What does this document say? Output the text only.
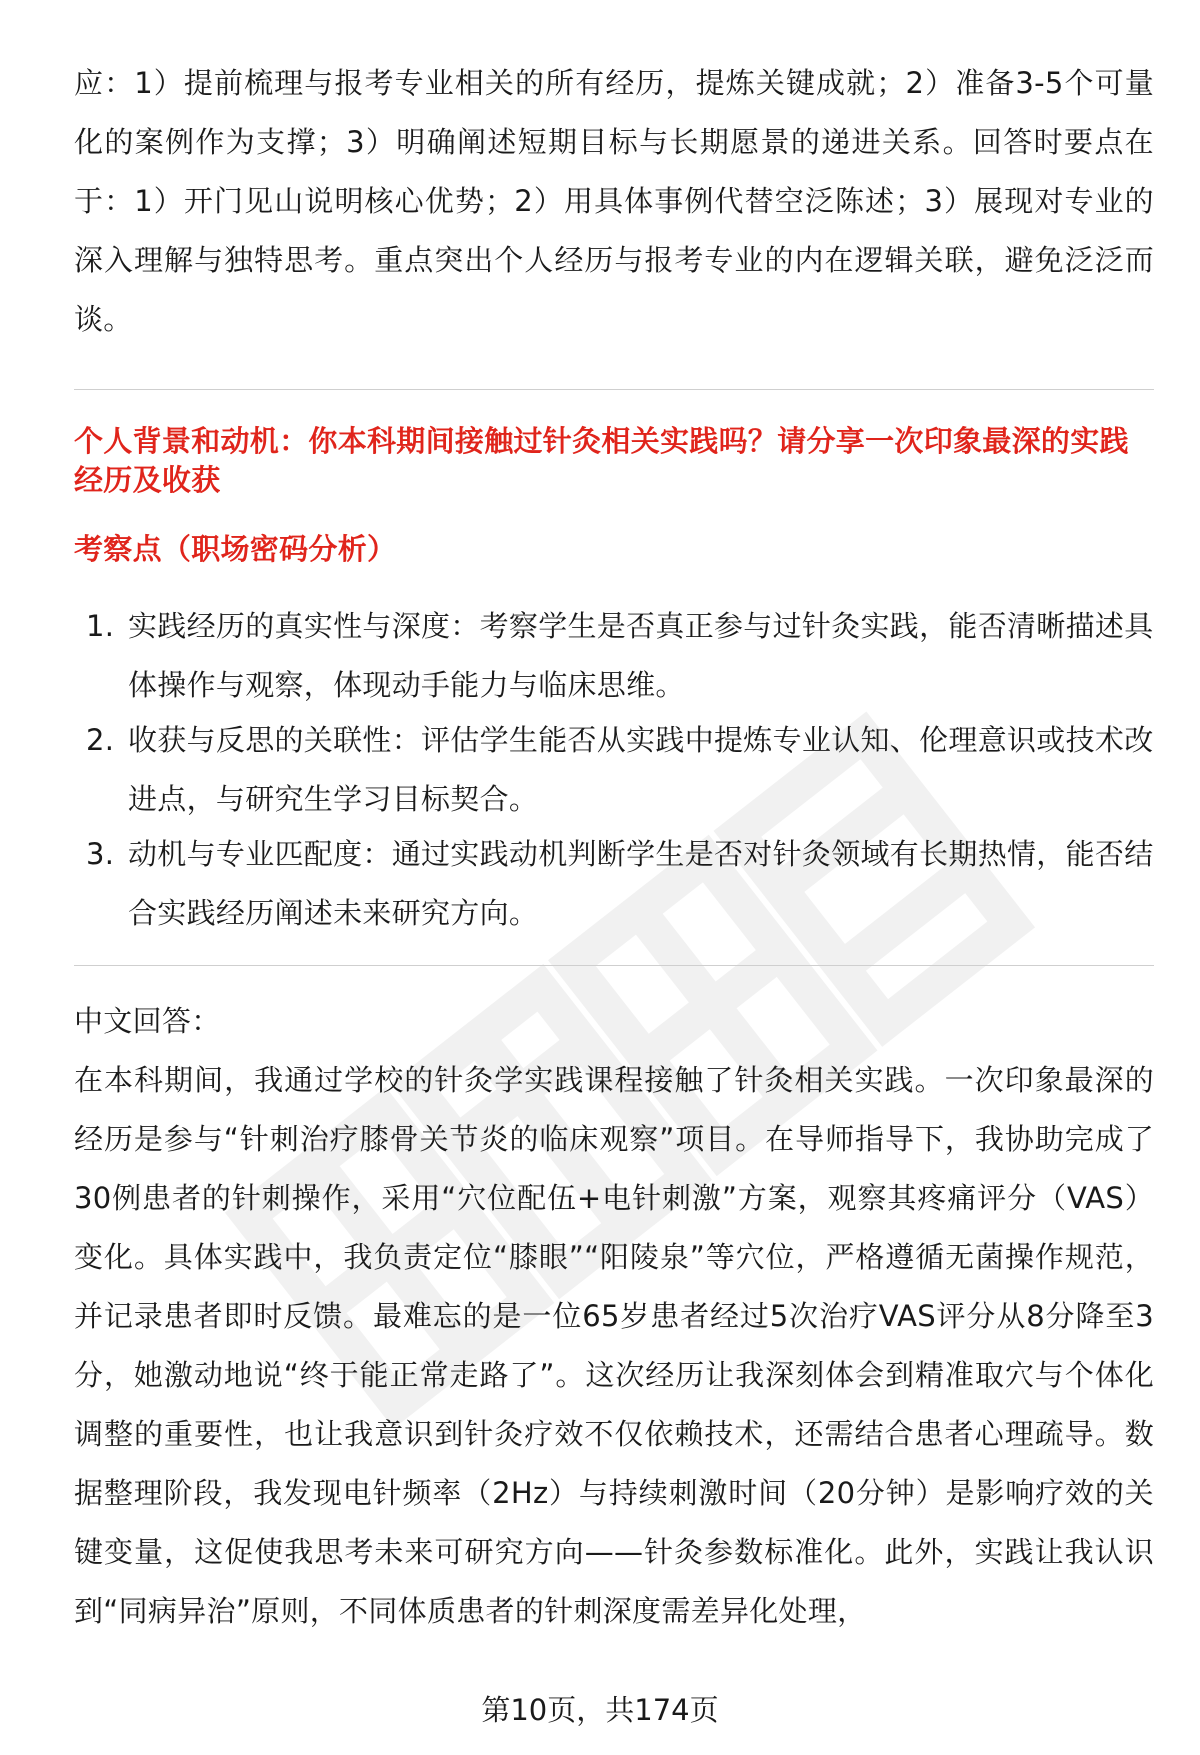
应：1）提前梳理与报考专业相关的所有经历，提炼关键成就；2）准备3-5个可量化的案例作为支撑；3）明确阐述短期目标与长期愿景的递进关系。回答时要点在于：1）开门见山说明核心优势；2）用具体事例代替空泛陈述；3）展现对专业的深入理解与独特思考。重点突出个人经历与报考专业的内在逻辑关联，避免泛泛而谈。

个人背景和动机：你本科期间接触过针灸相关实践吗？请分享一次印象最深的实践经历及收获
考察点（职场密码分析）
1. 实践经历的真实性与深度：考察学生是否真正参与过针灸实践，能否清晰描述具体操作与观察，体现动手能力与临床思维。
2. 收获与反思的关联性：评估学生能否从实践中提炼专业认知、伦理意识或技术改进点，与研究生学习目标契合。
3. 动机与专业匹配度：通过实践动机判断学生是否对针灸领域有长期热情，能否结合实践经历阐述未来研究方向。

中文回答：

在本科期间，我通过学校的针灸学实践课程接触了针灸相关实践。一次印象最深的经历是参与“针刺治疗膝骨关节炎的临床观察”项目。在导师指导下，我协助完成了30例患者的针刺操作，采用“穴位配伍+电针刺激”方案，观察其疼痛评分（VAS）变化。具体实践中，我负责定位“膝眼”“阳陵泉”等穴位，严格遵循无菌操作规范，并记录患者即时反馈。最难忘的是一位65岁患者经过5次治疗VAS评分从8分降至3分，她激动地说“终于能正常走路了”。这次经历让我深刻体会到精准取穴与个体化调整的重要性，也让我意识到针灸疗效不仅依赖技术，还需结合患者心理疏导。数据整理阶段，我发现电针频率（2Hz）与持续刺激时间（20分钟）是影响疗效的关键变量，这促使我思考未来可研究方向——针灸参数标准化。此外，实践让我认识到“同病异治”原则，不同体质患者的针刺深度需差异化处理，

第10页，共174页
